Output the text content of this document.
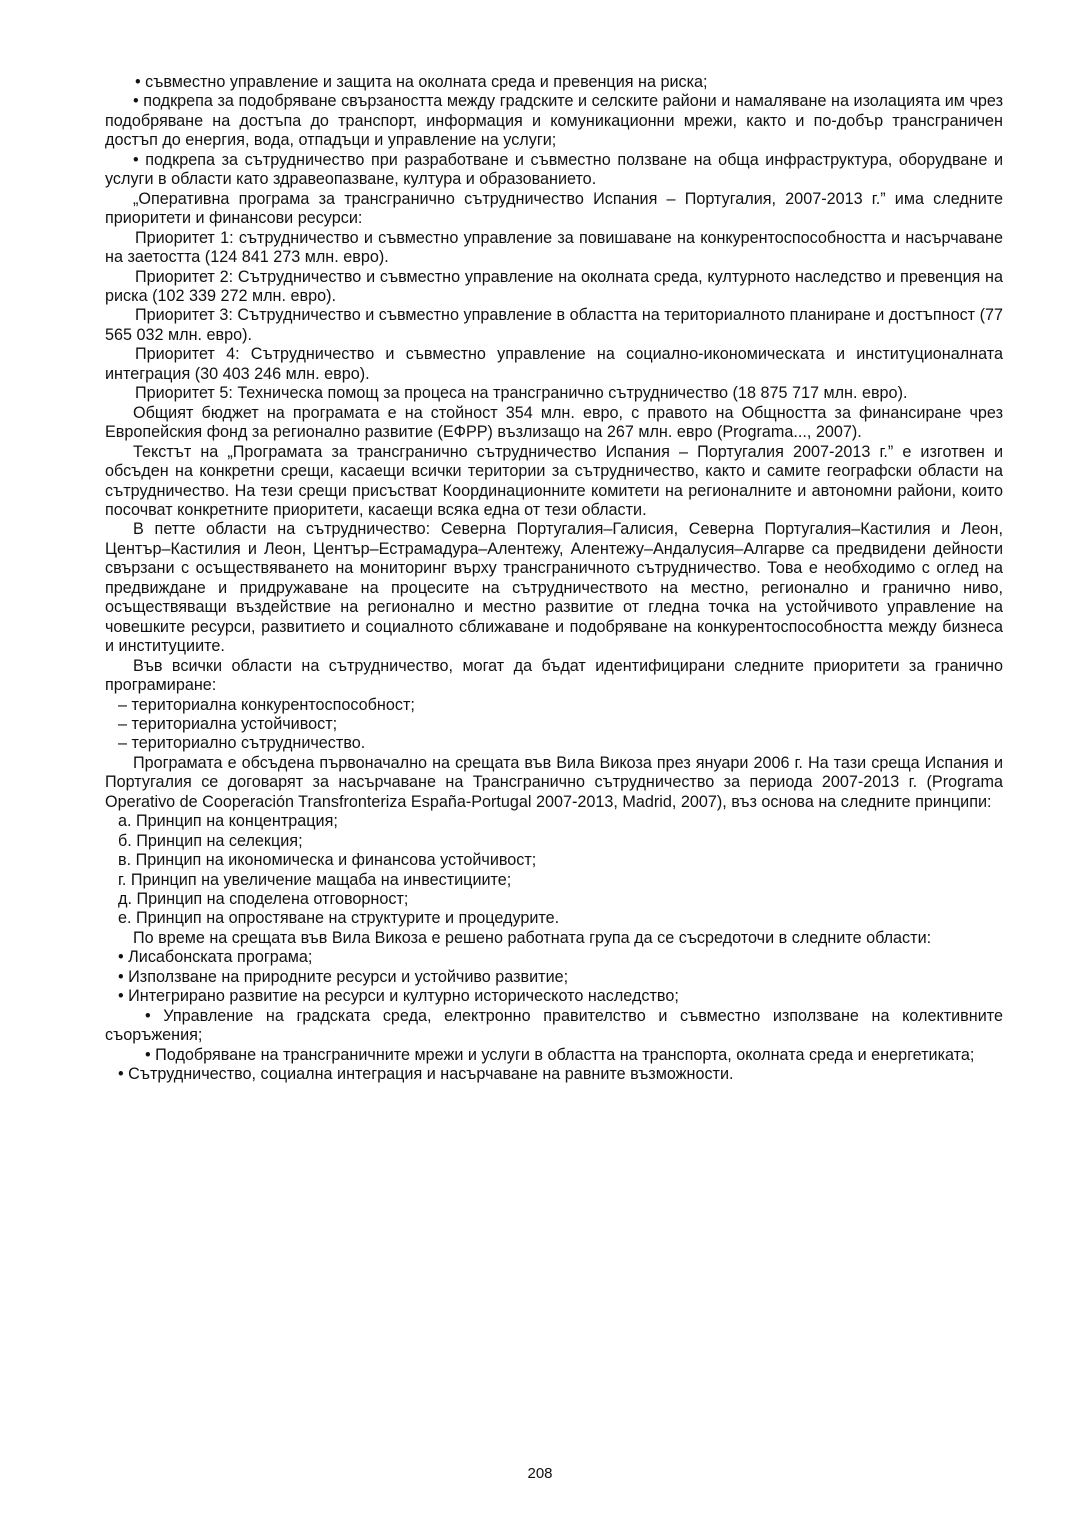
• съвместно управление и защита на околната среда и превенция на риска;

• подкрепа за подобряване свързаността между градските и селските райони и намаляване на изолацията им чрез подобряване на достъпа до транспорт, информация и комуникационни мрежи, както и по-добър трансграничен достъп до енергия, вода, отпадъци и управление на услуги;

• подкрепа за сътрудничество при разработване и съвместно ползване на обща инфраструктура, оборудване и услуги в области като здравеопазване, култура и образованието.

„Оперативна програма за трансгранично сътрудничество Испания – Португалия, 2007-2013 г.” има следните приоритети и финансови ресурси:

Приоритет 1: сътрудничество и съвместно управление за повишаване на конкурентоспособността и насърчаване на заетостта (124 841 273 млн. евро).

Приоритет 2: Сътрудничество и съвместно управление на околната среда, културното наследство и превенция на риска (102 339 272 млн. евро).

Приоритет 3: Сътрудничество и съвместно управление в областта на териториалното планиране и достъпност (77 565 032 млн. евро).

Приоритет 4: Сътрудничество и съвместно управление на социално-икономическата и институционалната интеграция (30 403 246 млн. евро).

Приоритет 5: Техническа помощ за процеса на трансгранично сътрудничество (18 875 717 млн. евро).

Общият бюджет на програмата е на стойност 354 млн. евро, с правото на Общността за финансиране чрез Европейския фонд за регионално развитие (ЕФРР) възлизащо на 267 млн. евро (Programa..., 2007).

Текстът на „Програмата за трансгранично сътрудничество Испания – Португалия 2007-2013 г.” е изготвен и обсъден на конкретни срещи, касаещи всички територии за сътрудничество, както и самите географски области на сътрудничество. На тези срещи присъстват Координационните комитети на регионалните и автономни райони, които посочват конкретните приоритети, касаещи всяка една от тези области.

В петте области на сътрудничество: Северна Португалия–Галисия, Северна Португалия–Кастилия и Леон, Център–Кастилия и Леон, Център–Естрамадура–Алентежу, Алентежу–Андалусия–Алгарве са предвидени дейности свързани с осъществяването на мониторинг върху трансграничното сътрудничество. Това е необходимо с оглед на предвиждане и придружаване на процесите на сътрудничеството на местно, регионално и гранично ниво, осъществяващи въздействие на регионално и местно развитие от гледна точка на устойчивото управление на човешките ресурси, развитието и социалното сближаване и подобряване на конкурентоспособността между бизнеса и институциите.

Във всички области на сътрудничество, могат да бъдат идентифицирани следните приоритети за гранично програмиране:

– териториална конкурентоспособност;

– териториална устойчивост;

– териториално сътрудничество.

Програмата е обсъдена първоначално на срещата във Вила Викоза през януари 2006 г. На тази среща Испания и Португалия се договарят за насърчаване на Трансгранично сътрудничество за периода 2007-2013 г. (Programa Operativo de Cooperación Transfronteriza España-Portugal 2007-2013, Madrid, 2007), въз основа на следните принципи:

а. Принцип на концентрация;

б. Принцип на селекция;

в. Принцип на икономическа и финансова устойчивост;

г. Принцип на увеличение мащаба на инвестициите;

д. Принцип на споделена отговорност;

е. Принцип на опростяване на структурите и процедурите.

По време на срещата във Вила Викоза е решено работната група да се съсредоточи в следните области:

• Лисабонската програма;

• Използване на природните ресурси и устойчиво развитие;

• Интегрирано развитие на ресурси и културно историческото наследство;

• Управление на градската среда, електронно правителство и съвместно използване на колективните съоръжения;

• Подобряване на трансграничните мрежи и услуги в областта на транспорта, околната среда и енергетиката;

• Сътрудничество, социална интеграция и насърчаване на равните възможности.

208
